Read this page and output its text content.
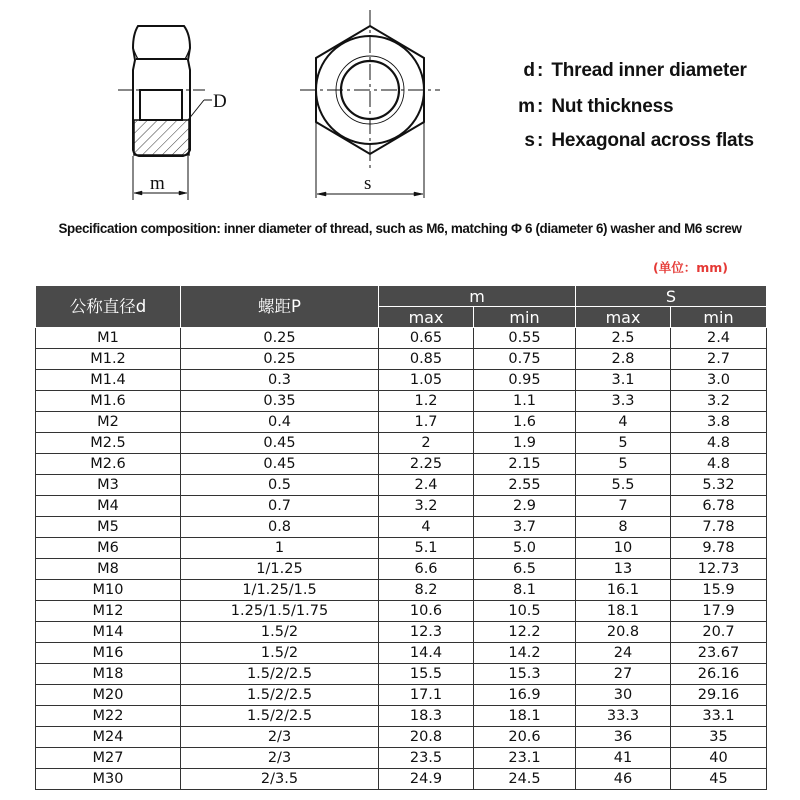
D
m	s
d : Thread inner diameter
m : Nut thickness
s : Hexagonal across flats
Specification composition: inner diameter of thread, such as M6, matching Φ 6 (diameter 6) washer and M6 screw
(单位：mm)
公称直径d	螺距P	m		S	
		max	min	max	min
M1	0.25	0.65	0.55	2.5	2.4
M1.2	0.25	0.85	0.75	2.8	2.7
M1.4	0.3	1.05	0.95	3.1	3.0
M1.6	0.35	1.2	1.1	3.3	3.2
M2	0.4	1.7	1.6	4	3.8
M2.5	0.45	2	1.9	5	4.8
M2.6	0.45	2.25	2.15	5	4.8
M3	0.5	2.4	2.55	5.5	5.32
M4	0.7	3.2	2.9	7	6.78
M5	0.8	4	3.7	8	7.78
M6	1	5.1	5.0	10	9.78
M8	1/1.25	6.6	6.5	13	12.73
M10	1/1.25/1.5	8.2	8.1	16.1	15.9
M12	1.25/1.5/1.75	10.6	10.5	18.1	17.9
M14	1.5/2	12.3	12.2	20.8	20.7
M16	1.5/2	14.4	14.2	24	23.67
M18	1.5/2/2.5	15.5	15.3	27	26.16
M20	1.5/2/2.5	17.1	16.9	30	29.16
M22	1.5/2/2.5	18.3	18.1	33.3	33.1
M24	2/3	20.8	20.6	36	35
M27	2/3	23.5	23.1	41	40
M30	2/3.5	24.9	24.5	46	45
